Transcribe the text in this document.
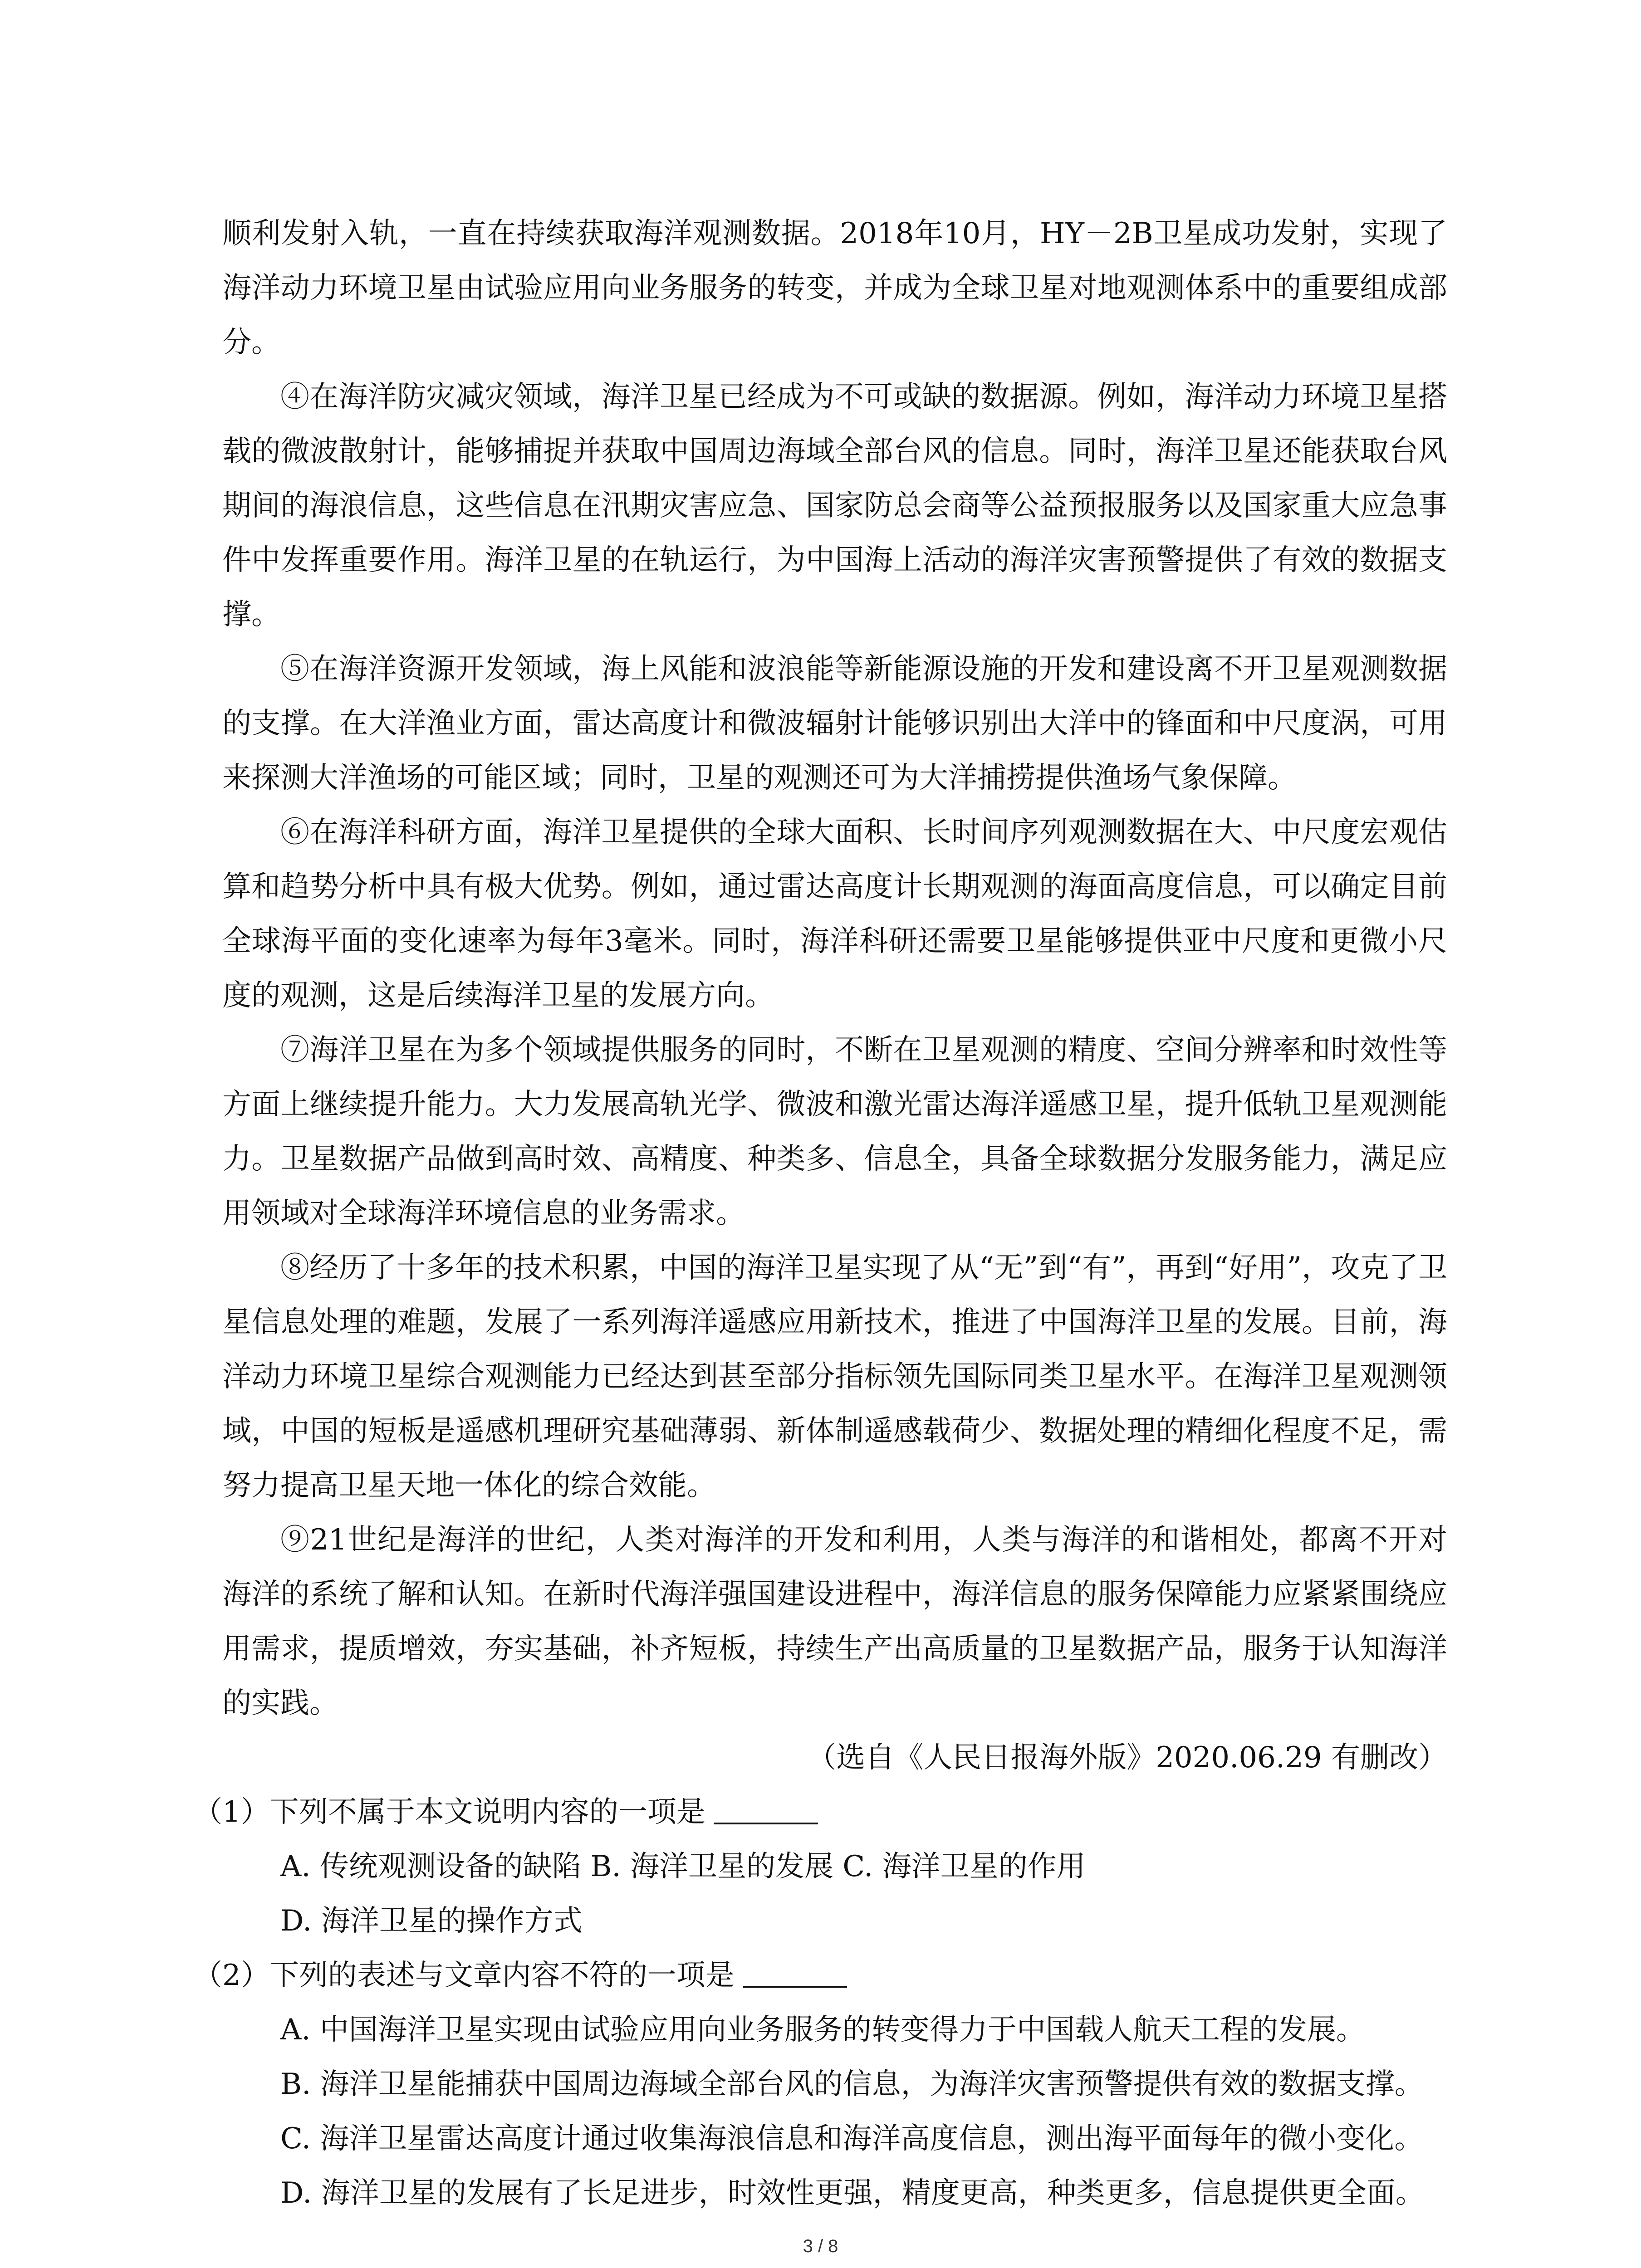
顺利发射入轨，一直在持续获取海洋观测数据。2018年10月，HY－2B卫星成功发射，实现了海洋动力环境卫星由试验应用向业务服务的转变，并成为全球卫星对地观测体系中的重要组成部分。

④在海洋防灾减灾领域，海洋卫星已经成为不可或缺的数据源。例如，海洋动力环境卫星搭载的微波散射计，能够捕捉并获取中国周边海域全部台风的信息。同时，海洋卫星还能获取台风期间的海浪信息，这些信息在汛期灾害应急、国家防总会商等公益预报服务以及国家重大应急事件中发挥重要作用。海洋卫星的在轨运行，为中国海上活动的海洋灾害预警提供了有效的数据支撑。

⑤在海洋资源开发领域，海上风能和波浪能等新能源设施的开发和建设离不开卫星观测数据的支撑。在大洋渔业方面，雷达高度计和微波辐射计能够识别出大洋中的锋面和中尺度涡，可用来探测大洋渔场的可能区域；同时，卫星的观测还可为大洋捕捞提供渔场气象保障。

⑥在海洋科研方面，海洋卫星提供的全球大面积、长时间序列观测数据在大、中尺度宏观估算和趋势分析中具有极大优势。例如，通过雷达高度计长期观测的海面高度信息，可以确定目前全球海平面的变化速率为每年3毫米。同时，海洋科研还需要卫星能够提供亚中尺度和更微小尺度的观测，这是后续海洋卫星的发展方向。

⑦海洋卫星在为多个领域提供服务的同时，不断在卫星观测的精度、空间分辨率和时效性等方面上继续提升能力。大力发展高轨光学、微波和激光雷达海洋遥感卫星，提升低轨卫星观测能力。卫星数据产品做到高时效、高精度、种类多、信息全，具备全球数据分发服务能力，满足应用领域对全球海洋环境信息的业务需求。

⑧经历了十多年的技术积累，中国的海洋卫星实现了从“无”到“有”，再到“好用”，攻克了卫星信息处理的难题，发展了一系列海洋遥感应用新技术，推进了中国海洋卫星的发展。目前，海洋动力环境卫星综合观测能力已经达到甚至部分指标领先国际同类卫星水平。在海洋卫星观测领域，中国的短板是遥感机理研究基础薄弱、新体制遥感载荷少、数据处理的精细化程度不足，需努力提高卫星天地一体化的综合效能。

⑨21世纪是海洋的世纪，人类对海洋的开发和利用，人类与海洋的和谐相处，都离不开对海洋的系统了解和认知。在新时代海洋强国建设进程中，海洋信息的服务保障能力应紧紧围绕应用需求，提质增效，夯实基础，补齐短板，持续生产出高质量的卫星数据产品，服务于认知海洋的实践。

（选自《人民日报海外版》2020.06.29 有删改）

（1）下列不属于本文说明内容的一项是

A. 传统观测设备的缺陷 B. 海洋卫星的发展 C. 海洋卫星的作用

D. 海洋卫星的操作方式

（2）下列的表述与文章内容不符的一项是

A. 中国海洋卫星实现由试验应用向业务服务的转变得力于中国载人航天工程的发展。

B. 海洋卫星能捕获中国周边海域全部台风的信息，为海洋灾害预警提供有效的数据支撑。

C. 海洋卫星雷达高度计通过收集海浪信息和海洋高度信息，测出海平面每年的微小变化。

D. 海洋卫星的发展有了长足进步，时效性更强，精度更高，种类更多，信息提供更全面。

3 / 8
